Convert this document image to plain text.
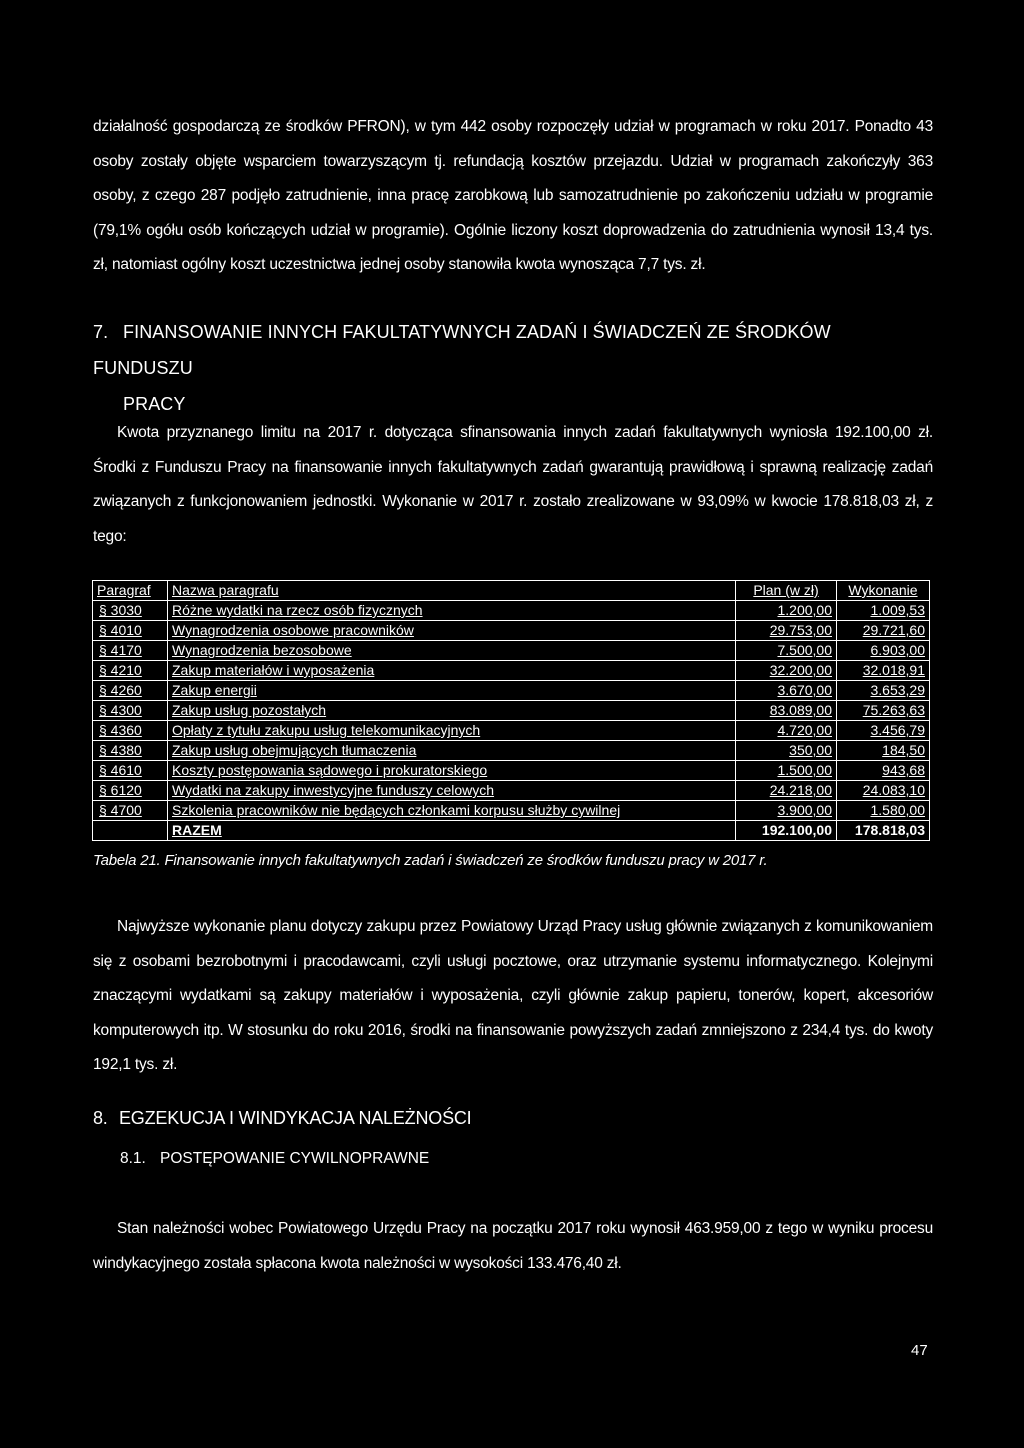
działalność gospodarczą ze środków PFRON), w tym 442 osoby rozpoczęły udział w programach w roku 2017. Ponadto 43 osoby zostały objęte wsparciem towarzyszącym tj. refundacją kosztów przejazdu. Udział w programach zakończyły 363 osoby, z czego 287 podjęło zatrudnienie, inna pracę zarobkową lub samozatrudnienie po zakończeniu udziału w programie (79,1% ogółu osób kończących udział w programie). Ogólnie liczony koszt doprowadzenia do zatrudnienia wynosił 13,4 tys. zł, natomiast ogólny koszt uczestnictwa jednej osoby stanowiła kwota wynosząca 7,7 tys. zł.
7. FINANSOWANIE INNYCH FAKULTATYWNYCH ZADAŃ I ŚWIADCZEŃ ZE ŚRODKÓW FUNDUSZU
PRACY
Kwota przyznanego limitu na 2017 r. dotycząca sfinansowania innych zadań fakultatywnych wyniosła 192.100,00 zł. Środki z Funduszu Pracy na finansowanie innych fakultatywnych zadań gwarantują prawidłową i sprawną realizację zadań związanych z funkcjonowaniem jednostki. Wykonanie w 2017 r. zostało zrealizowane w 93,09% w kwocie 178.818,03 zł, z tego:
Paragraf	Nazwa paragrafu	Plan (w zł)	Wykonanie
§ 3030	Różne wydatki na rzecz osób fizycznych	1.200,00	1.009,53
§ 4010	Wynagrodzenia osobowe pracowników	29.753,00	29.721,60
§ 4170	Wynagrodzenia bezosobowe	7.500,00	6.903,00
§ 4210	Zakup materiałów i wyposażenia	32.200,00	32.018,91
§ 4260	Zakup energii	3.670,00	3.653,29
§ 4300	Zakup usług pozostałych	83.089,00	75.263,63
§ 4360	Opłaty z tytułu zakupu usług telekomunikacyjnych	4.720,00	3.456,79
§ 4380	Zakup usług obejmujących tłumaczenia	350,00	184,50
§ 4610	Koszty postępowania sądowego i prokuratorskiego	1.500,00	943,68
§ 6120	Wydatki na zakupy inwestycyjne funduszy celowych	24.218,00	24.083,10
§ 4700	Szkolenia pracowników nie będących członkami korpusu służby cywilnej	3.900,00	1.580,00
	RAZEM	192.100,00	178.818,03
Tabela 21. Finansowanie innych fakultatywnych zadań i świadczeń ze środków funduszu pracy w 2017 r.
Najwyższe wykonanie planu dotyczy zakupu przez Powiatowy Urząd Pracy usług głównie związanych z komunikowaniem się z osobami bezrobotnymi i pracodawcami, czyli usługi pocztowe, oraz utrzymanie systemu informatycznego. Kolejnymi znaczącymi wydatkami są zakupy materiałów i wyposażenia, czyli głównie zakup papieru, tonerów, kopert, akcesoriów komputerowych itp. W stosunku do roku 2016, środki na finansowanie powyższych zadań zmniejszono z 234,4 tys. do kwoty 192,1 tys. zł.
8. EGZEKUCJA I WINDYKACJA NALEŻNOŚCI
8.1. POSTĘPOWANIE CYWILNOPRAWNE
Stan należności wobec Powiatowego Urzędu Pracy na początku 2017 roku wynosił 463.959,00 z tego w wyniku procesu windykacyjnego została spłacona kwota należności w wysokości 133.476,40 zł.
47
